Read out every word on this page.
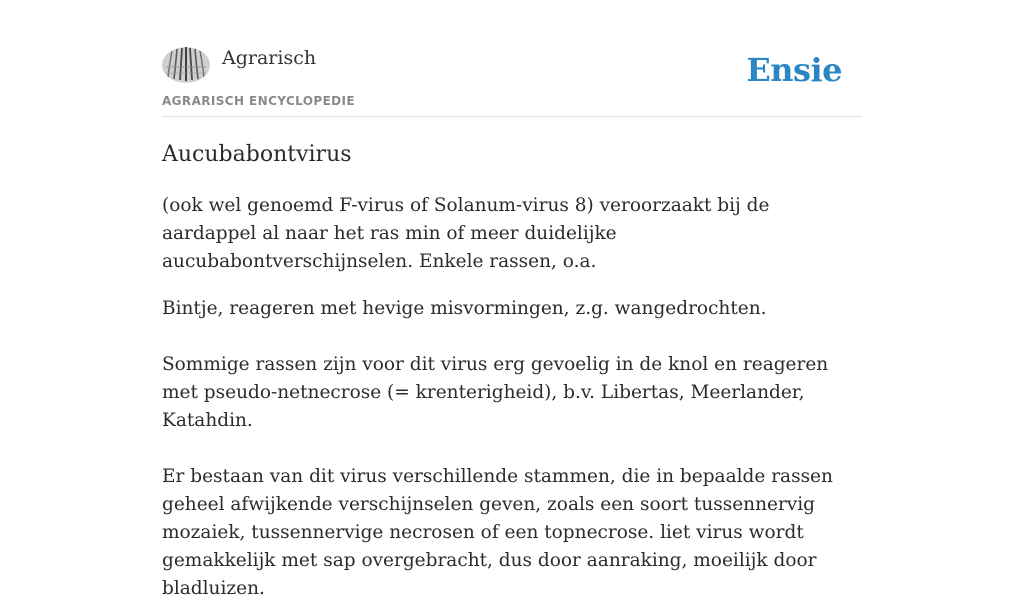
Agrarisch
AGRARISCH ENCYCLOPEDIE
Ensie
Aucubabontvirus

(ook wel genoemd F-virus of Solanum-virus 8) veroorzaakt bij de aardappel al naar het ras min of meer duidelijke aucubabontverschijnselen. Enkele rassen, o.a.

Bintje, reageren met hevige misvormingen, z.g. wangedrochten.

Sommige rassen zijn voor dit virus erg gevoelig in de knol en reageren met pseudo-netnecrose (= krenterigheid), b.v. Libertas, Meerlander, Katahdin.

Er bestaan van dit virus verschillende stammen, die in bepaalde rassen geheel afwijkende verschijnselen geven, zoals een soort tussennervig mozaiek, tussennervige necrosen of een topnecrose. liet virus wordt gemakkelijk met sap overgebracht, dus door aanraking, moeilijk door bladluizen.
